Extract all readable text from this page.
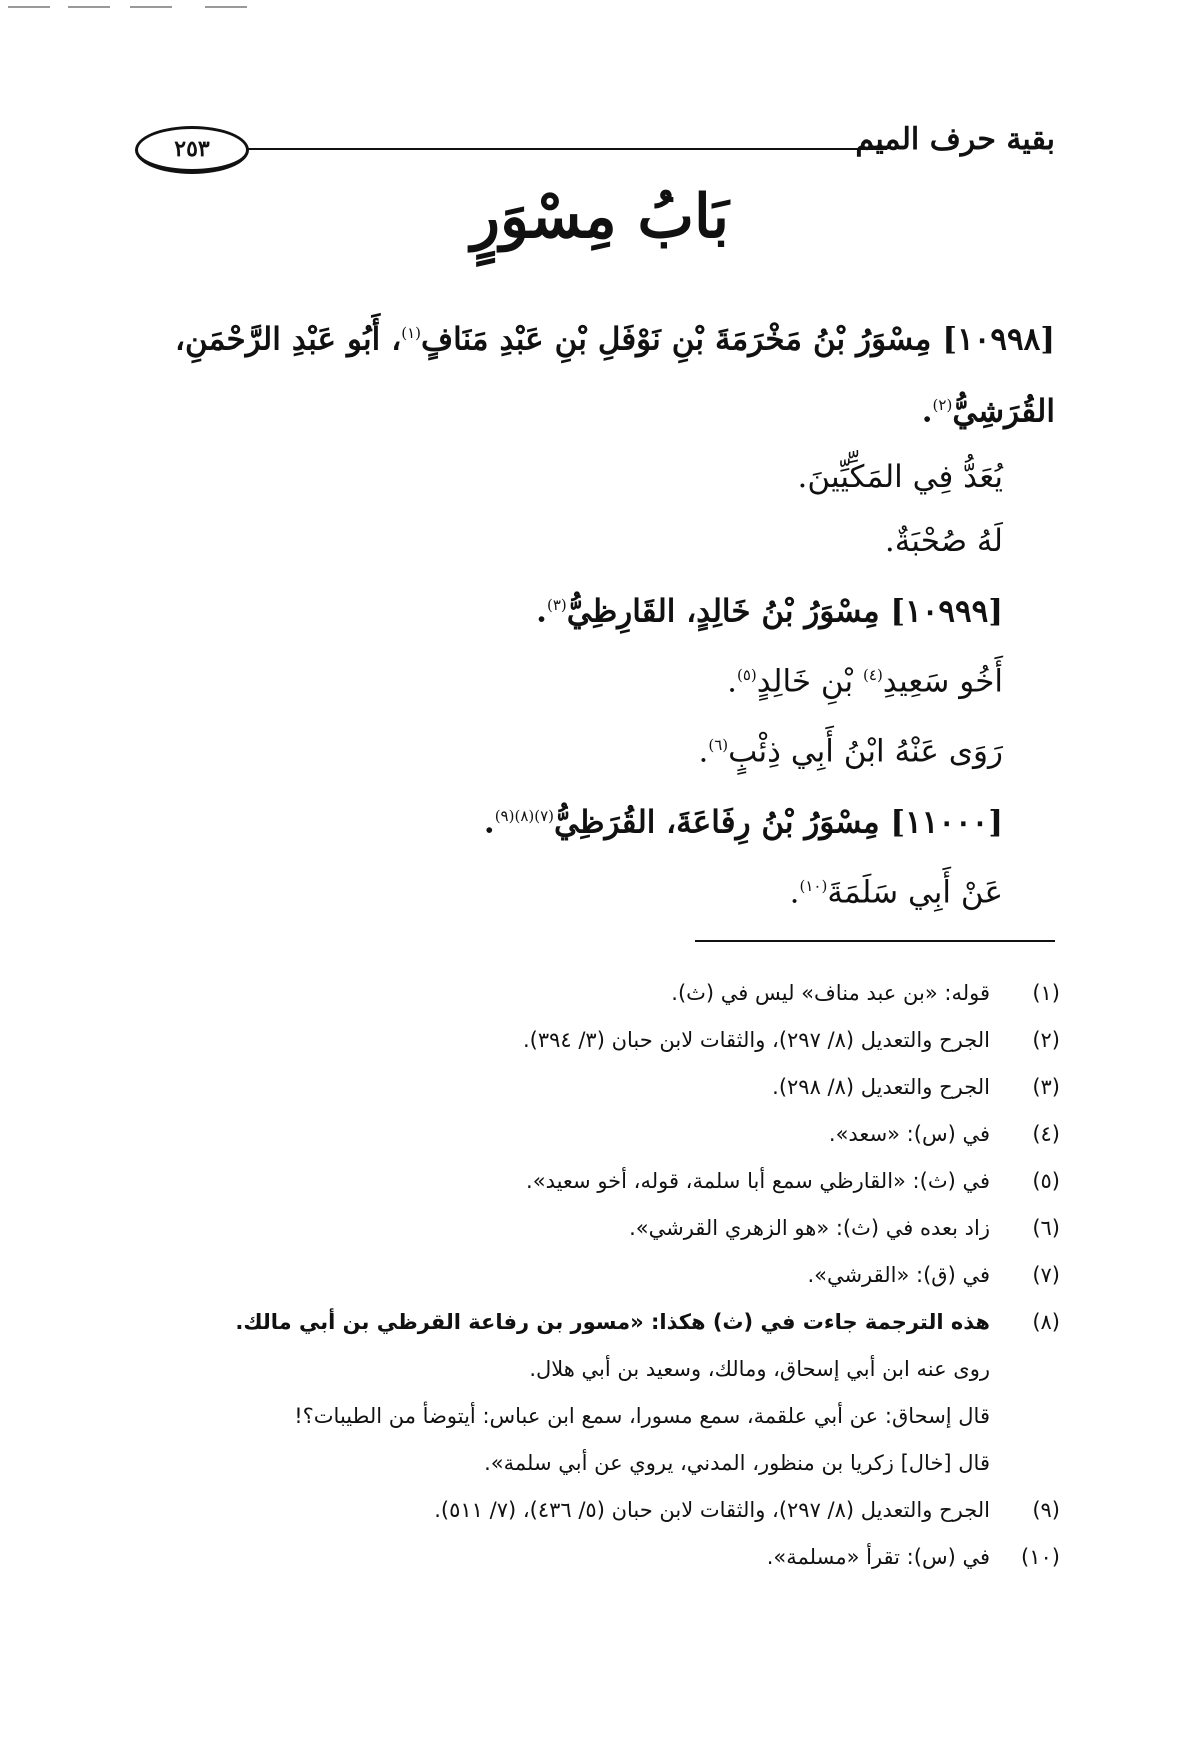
٢٥٣	بقية حرف الميم
بَابُ مِسْوَرٍ
[١٠٩٩٨] مِسْوَرُ بْنُ مَخْرَمَةَ بْنِ نَوْفَلِ بْنِ عَبْدِ مَنَافٍ$^{(١)}$، أَبُو عَبْدِ الرَّحْمَنِ، القُرَشِيُّ$^{(٢)}$.
يُعَدُّ فِي المَكِّيِّينَ.
لَهُ صُحْبَةٌ.
[١٠٩٩٩] مِسْوَرُ بْنُ خَالِدٍ، القَارِظِيُّ$^{(٣)}$.
أَخُو سَعِيدِ$^{(٤)}$ بْنِ خَالِدٍ$^{(٥)}$.
رَوَى عَنْهُ ابْنُ أَبِي ذِئْبٍ$^{(٦)}$.
[١١٠٠٠] مِسْوَرُ بْنُ رِفَاعَةَ، القُرَظِيُّ$^{(٧)(٨)(٩)}$.
عَنْ أَبِي سَلَمَةَ$^{(١٠)}$.
(١)
قوله: «بن عبد مناف» ليس في (ث).
(٢)
الجرح والتعديل (٨/ ٢٩٧)، والثقات لابن حبان (٣/ ٣٩٤).
(٣)
الجرح والتعديل (٨/ ٢٩٨).
(٤)
في (س): «سعد».
(٥)
في (ث): «القارظي سمع أبا سلمة، قوله، أخو سعيد».
(٦)
زاد بعده في (ث): «هو الزهري القرشي».
(٧)
في (ق): «القرشي».
(٨)
هذه الترجمة جاءت في (ث) هكذا: «مسور بن رفاعة القرظي بن أبي مالك.
روى عنه ابن أبي إسحاق، ومالك، وسعيد بن أبي هلال.
قال إسحاق: عن أبي علقمة، سمع مسورا، سمع ابن عباس: أيتوضأ من الطيبات؟!
قال [خال] زكريا بن منظور، المدني، يروي عن أبي سلمة».
(٩)
الجرح والتعديل (٨/ ٢٩٧)، والثقات لابن حبان (٥/ ٤٣٦)، (٧/ ٥١١).
(١٠)
في (س): تقرأ «مسلمة».
